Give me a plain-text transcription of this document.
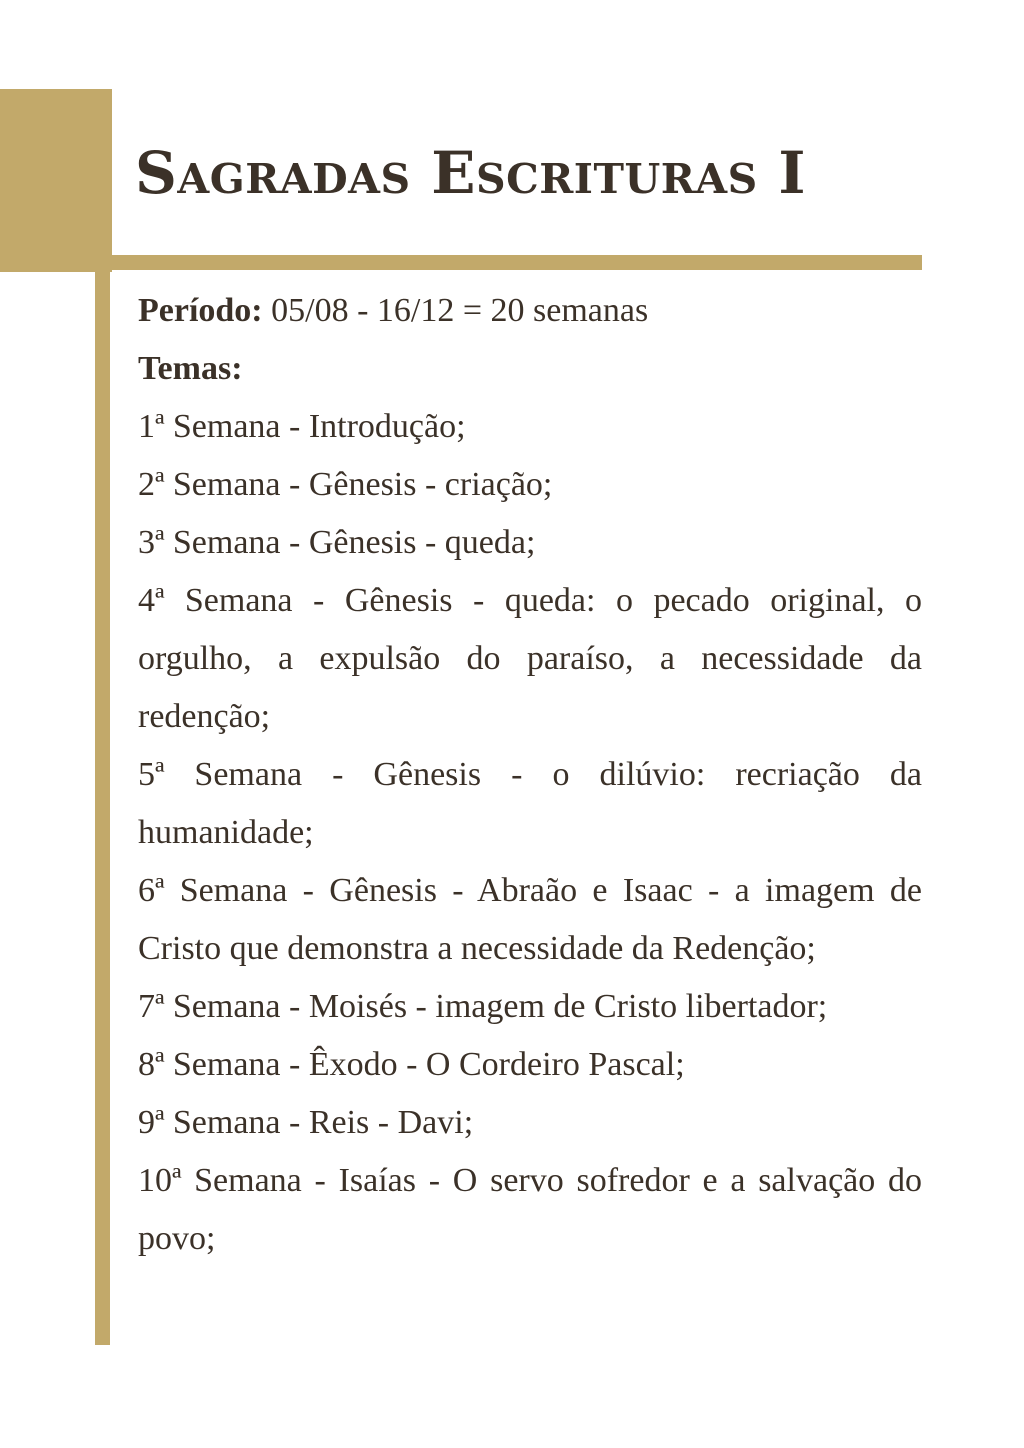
Sagradas Escrituras I

Período: 05/08 - 16/12 = 20 semanas

Temas:

1ª Semana - Introdução;

2ª Semana - Gênesis - criação;

3ª Semana - Gênesis - queda;

4ª Semana - Gênesis - queda: o pecado original, o orgulho, a expulsão do paraíso, a necessidade da redenção;

5ª Semana - Gênesis - o dilúvio: recriação da humanidade;

6ª Semana - Gênesis - Abraão e Isaac - a imagem de Cristo que demonstra a necessidade da Redenção;

7ª Semana - Moisés - imagem de Cristo libertador;

8ª Semana - Êxodo - O Cordeiro Pascal;

9ª Semana - Reis - Davi;

10ª Semana - Isaías - O servo sofredor e a salvação do povo;
